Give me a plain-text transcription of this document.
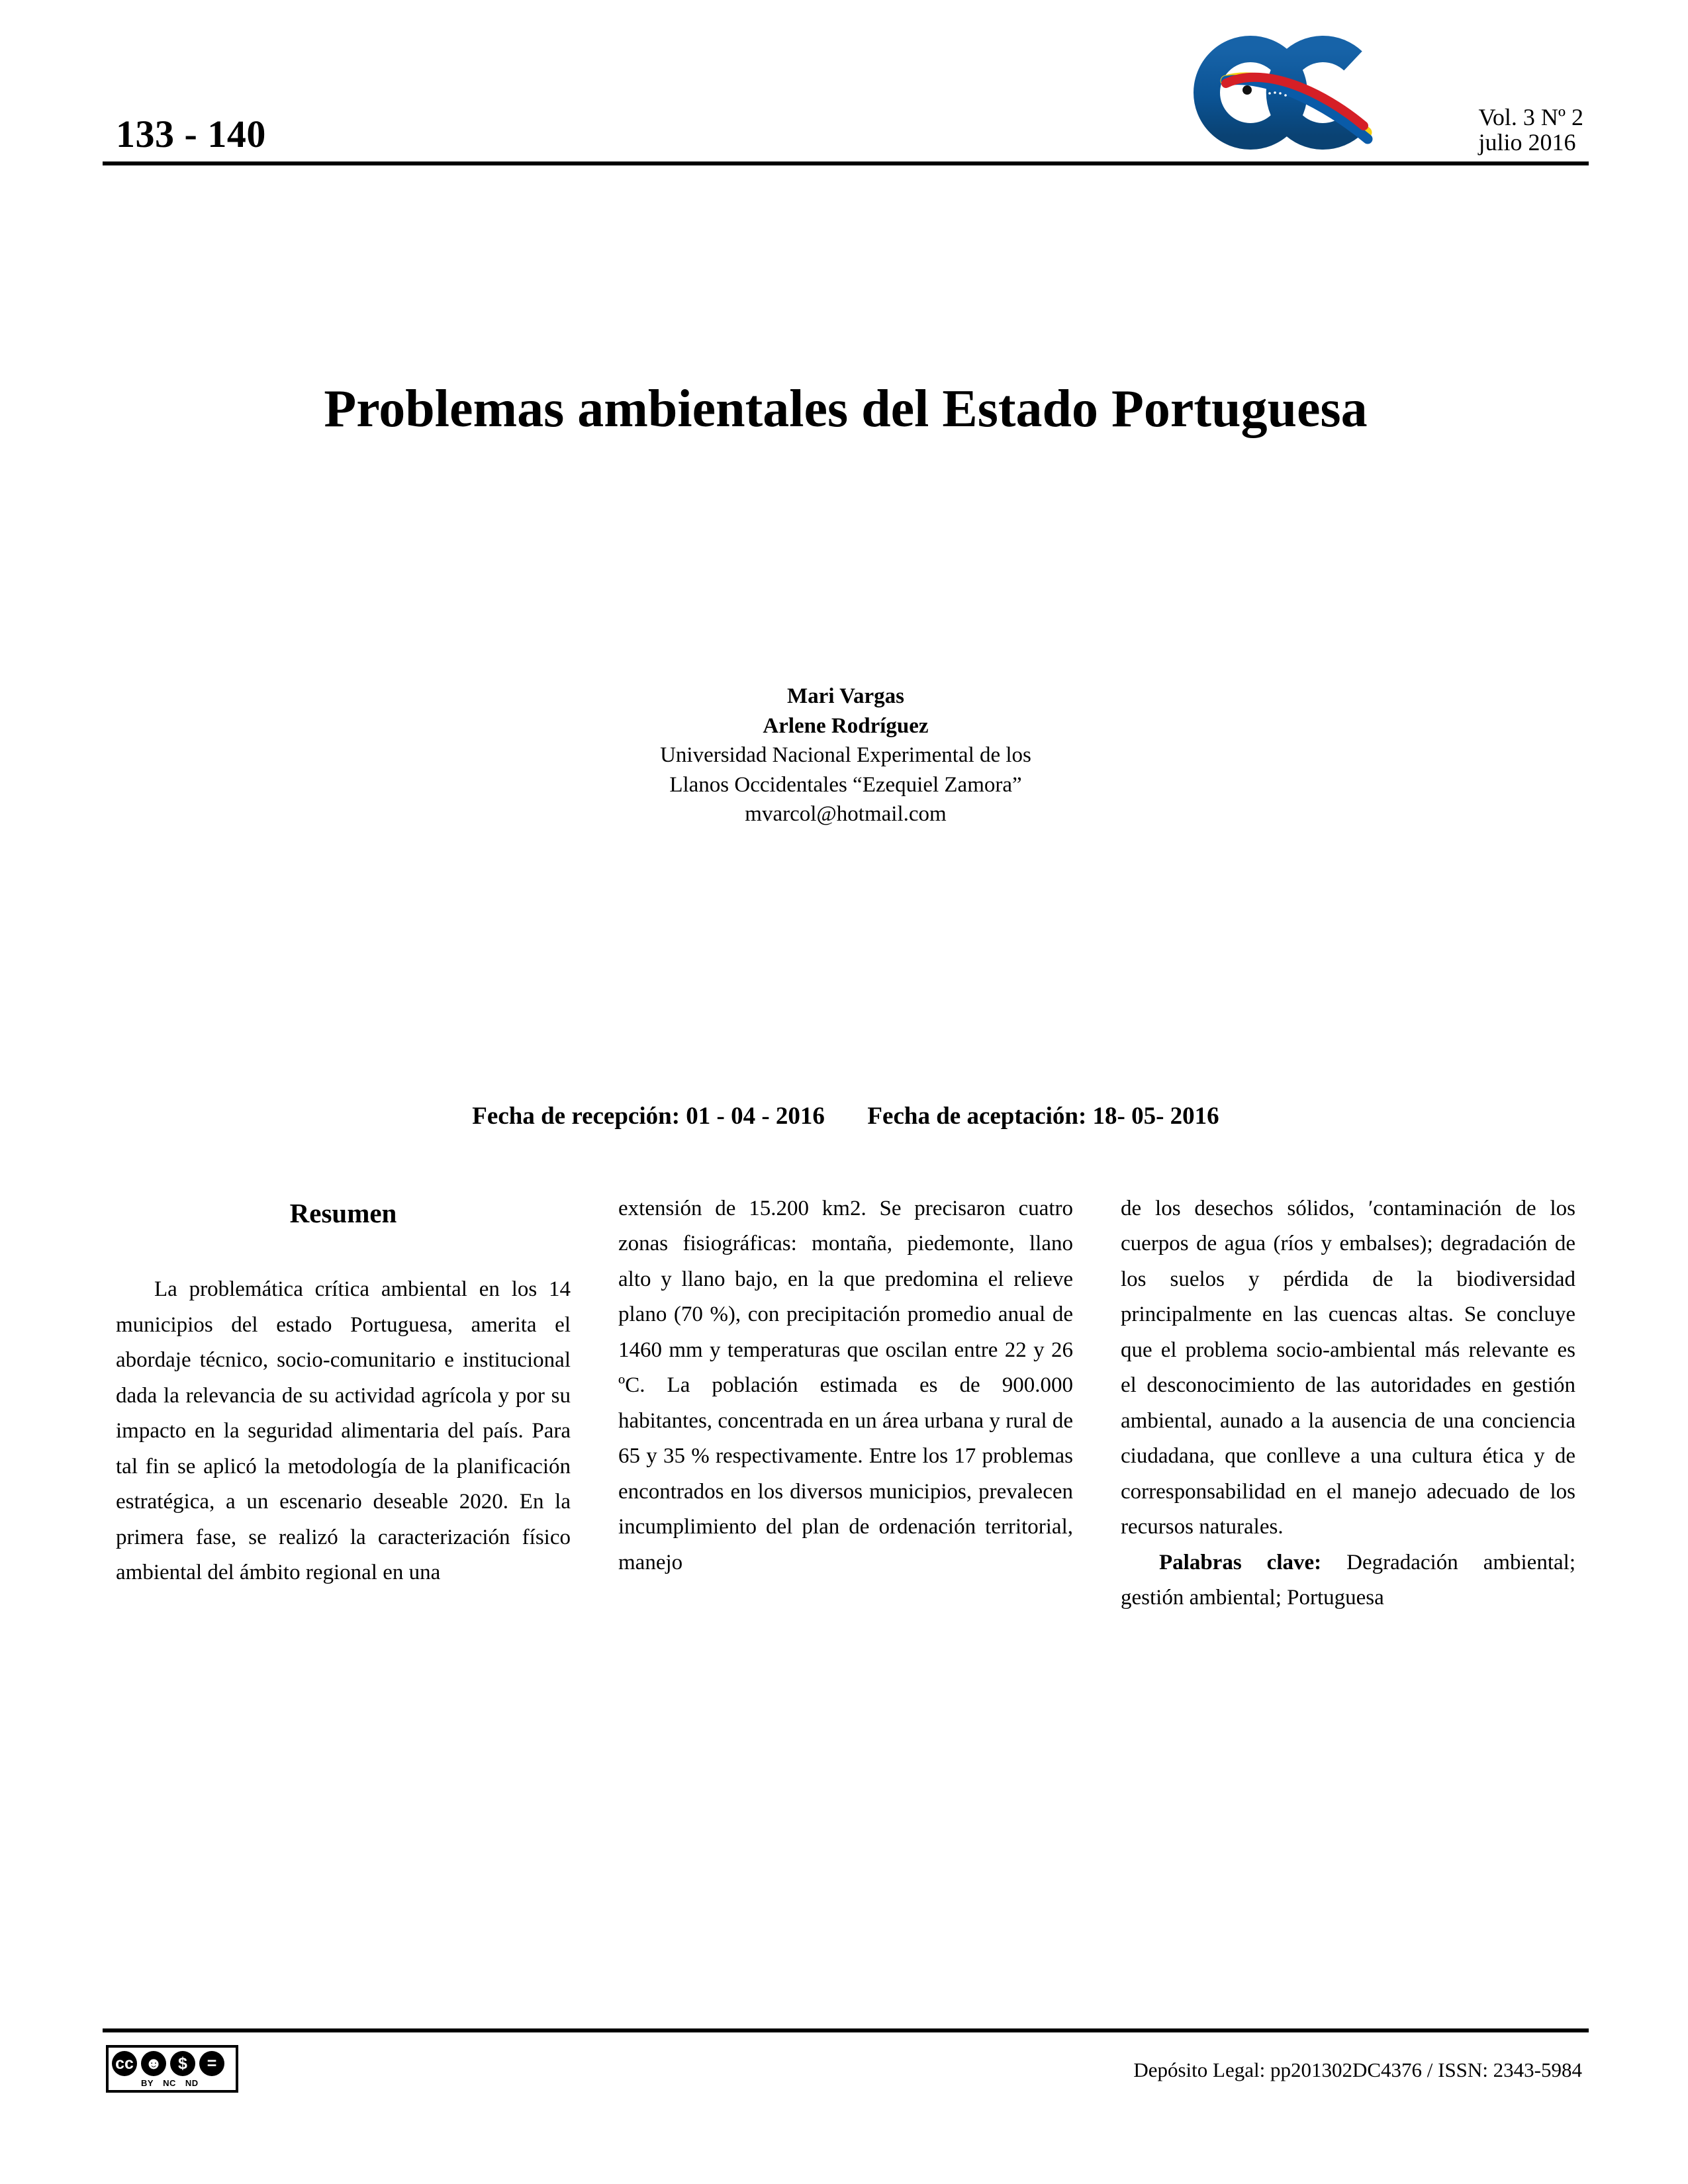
133 - 140	Vol. 3 Nº 2
julio 2016
Problemas ambientales del Estado Portuguesa
Mari Vargas
Arlene Rodríguez
Universidad Nacional Experimental de los
Llanos Occidentales “Ezequiel Zamora”
mvarcol@hotmail.com
Fecha de recepción: 01 - 04 - 2016 Fecha de aceptación: 18- 05- 2016
Resumen

La problemática crítica ambiental en los 14 municipios del estado Portuguesa, amerita el abordaje técnico, socio-comunitario e institucional dada la relevancia de su actividad agrícola y por su impacto en la seguridad alimentaria del país. Para tal fin se aplicó la metodología de la planificación estratégica, a un escenario deseable 2020. En la primera fase, se realizó la caracterización físico ambiental del ámbito regional en una

extensión de 15.200 km2. Se precisaron cuatro zonas fisiográficas: montaña, piedemonte, llano alto y llano bajo, en la que predomina el relieve plano (70 %), con precipitación promedio anual de 1460 mm y temperaturas que oscilan entre 22 y 26 ºC. La población estimada es de 900.000 habitantes, concentrada en un área urbana y rural de 65 y 35 % respectivamente. Entre los 17 problemas encontrados en los diversos municipios, prevalecen incumplimiento del plan de ordenación territorial, manejo

de los desechos sólidos, ′contaminación de los cuerpos de agua (ríos y embalses); degradación de los suelos y pérdida de la biodiversidad principalmente en las cuencas altas. Se concluye que el problema socio-ambiental más relevante es el desconocimiento de las autoridades en gestión ambiental, aunado a la ausencia de una conciencia ciudadana, que conlleve a una cultura ética y de corresponsabilidad en el manejo adecuado de los recursos naturales.

Palabras clave: Degradación ambiental; gestión ambiental; Portuguesa

cc ☻ $	=
BY NC ND
Depósito Legal: pp201302DC4376 / ISSN: 2343-5984
